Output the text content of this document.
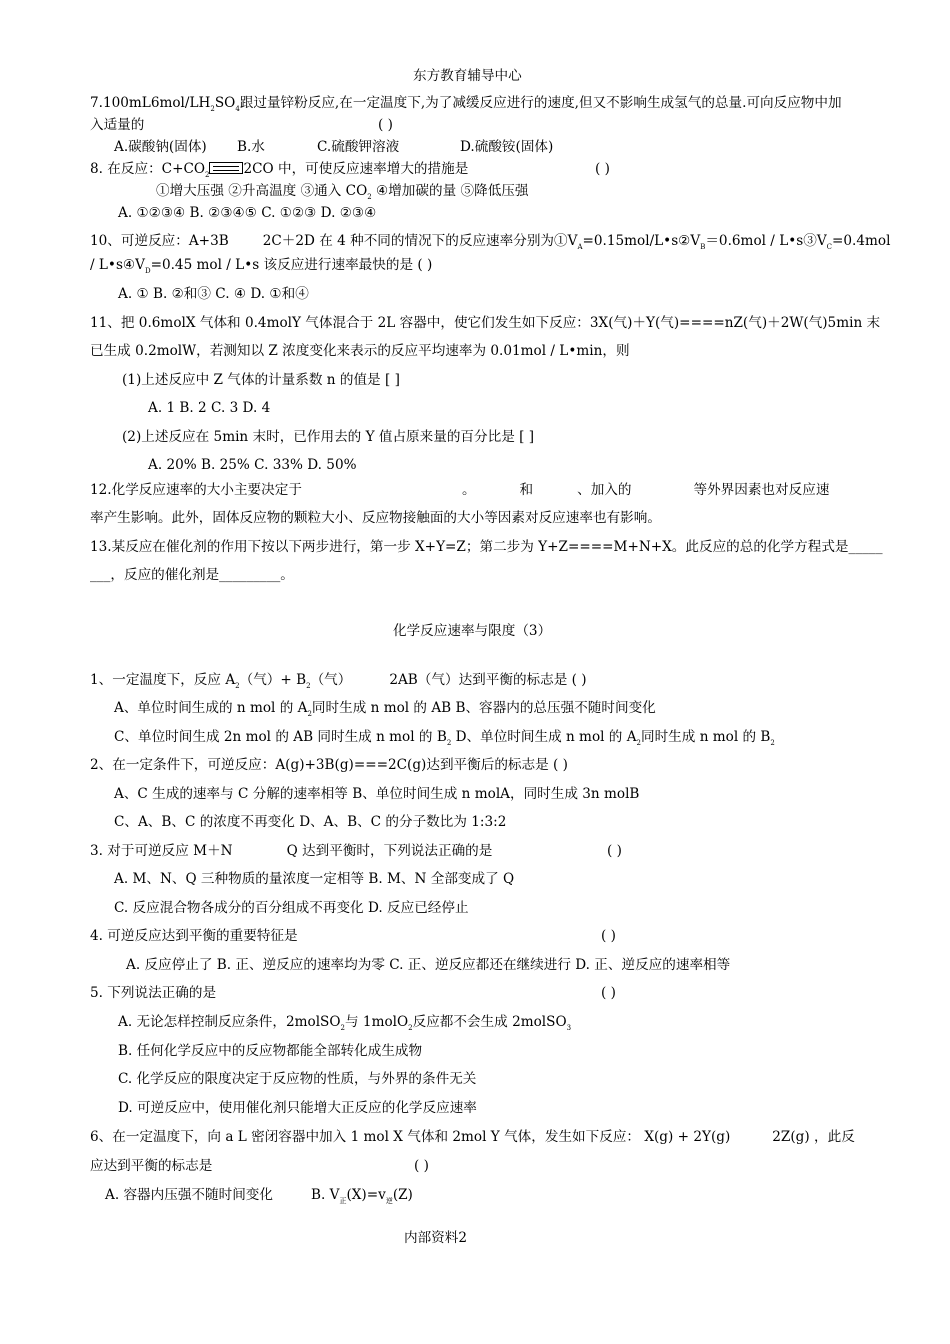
东方教育辅导中心
$7.100mL6mol/LH_2SO_4$跟过量锌粉反应,在一定温度下,为了减缓反应进行的速度,但又不影响生成氢气的总量.可向反应物中加
入适量的	( )
A.碳酸钠(固体) B.水	C.硫酸钾溶液	D.硫酸铵(固体)
8. 在反应：$C+CO_2$	2CO 中，可使反应速率增大的措施是	( )
①增大压强 ②升高温度 ③通入 $CO_2$ ④增加碳的量 ⑤降低压强
A. ①②③④ B. ②③④⑤ C. ①②③ D. ②③④
10、可逆反应：A+3B	2C＋2D 在 4 种不同的情况下的反应速率分别为$①V_A=0.15mol/L•s②V_B=0.6mol$ / $L•s③V_C=0.4mol$
/ $L•s④V_D=0.45$ mol / L•s 该反应进行速率最快的是 ( )
A. ① B. ②和③ C. ④ D. ①和④
11、把 0.6molX 气体和 0.4molY 气体混合于 2L 容器中，使它们发生如下反应：3X(气)＋Y(气)====nZ(气)＋2W(气)5min 末
已生成 0.2molW，若测知以 Z 浓度变化来表示的反应平均速率为 0.01mol / L•min，则
(1)上述反应中 Z 气体的计量系数 n 的值是 [ ]
A. 1 B. 2 C. 3 D. 4
(2)上述反应在 5min 末时，已作用去的 Y 值占原来量的百分比是 [ ]
A. 20% B. 25% C. 33% D. 50%
12.化学反应速率的大小主要决定于	。	和	、加入的	等外界因素也对反应速
率产生影响。此外，固体反应物的颗粒大小、反应物接触面的大小等因素对反应速率也有影响。
13.某反应在催化剂的作用下按以下两步进行，第一步 X+Y=Z；第二步为 Y+Z====M+N+X。此反应的总的化学方程式是_____
___，反应的催化剂是_________。
化学反应速率与限度（3）
1、一定温度下，反应 $A_2$（气）+ $B_2$（气）	2AB（气）达到平衡的标志是 ( )
A、单位时间生成的 n mol 的 $A_2$同时生成 n mol 的 AB B、容器内的总压强不随时间变化
C、单位时间生成 2n mol 的 AB 同时生成 n mol 的 $B_2$ D、单位时间生成 n mol 的 $A_2$同时生成 n mol 的 $B_2$
2、在一定条件下，可逆反应：A(g)+3B(g)===2C(g)达到平衡后的标志是 ( )
A、C 生成的速率与 C 分解的速率相等 B、单位时间生成 n molA，同时生成 3n molB
C、A、B、C 的浓度不再变化 D、A、B、C 的分子数比为 1:3:2
3. 对于可逆反应 M＋N	Q 达到平衡时，下列说法正确的是	( )
A. M、N、Q 三种物质的量浓度一定相等 B. M、N 全部变成了 Q
C. 反应混合物各成分的百分组成不再变化 D. 反应已经停止
4. 可逆反应达到平衡的重要特征是	( )
A. 反应停止了 B. 正、逆反应的速率均为零 C. 正、逆反应都还在继续进行 D. 正、逆反应的速率相等
5. 下列说法正确的是	( )
A. 无论怎样控制反应条件，2molSO$_2$与 1molO$_2$反应都不会生成 2molSO$_3$
B. 任何化学反应中的反应物都能全部转化成生成物
C. 化学反应的限度决定于反应物的性质，与外界的条件无关
D. 可逆反应中，使用催化剂只能增大正反应的化学反应速率
6、在一定温度下，向 a L 密闭容器中加入 1 mol X 气体和 2mol Y 气体，发生如下反应： X(g) + 2Y(g)	2Z(g) ，此反
应达到平衡的标志是	( )
A. 容器内压强不随时间变化	B. $V_正(X)=v_逆(Z)$
内部资料2
